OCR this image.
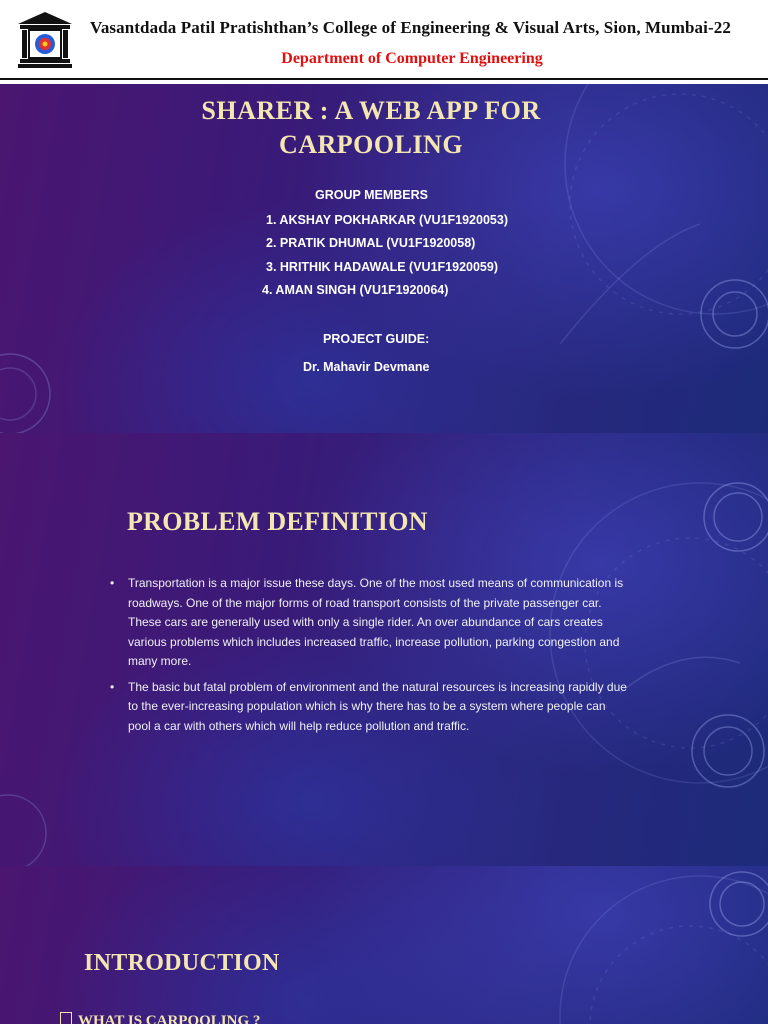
Vasantdada Patil Pratishthan’s College of Engineering & Visual Arts, Sion, Mumbai-22
Department of Computer Engineering
SHARER : A WEB APP FOR
CARPOOLING
GROUP MEMBERS
1. AKSHAY POKHARKAR (VU1F1920053)
2. PRATIK DHUMAL (VU1F1920058)
3. HRITHIK HADAWALE (VU1F1920059)
4. AMAN SINGH (VU1F1920064)
PROJECT GUIDE:
Dr. Mahavir Devmane
PROBLEM DEFINITION
• Transportation is a major issue these days. One of the most used means of communication is roadways. One of the major forms of road transport consists of the private passenger car. These cars are generally used with only a single rider. An over abundance of cars creates various problems which includes increased traffic, increase pollution, parking congestion and many more.
• The basic but fatal problem of environment and the natural resources is increasing rapidly due to the ever-increasing population which is why there has to be a system where people can pool a car with others which will help reduce pollution and traffic.
INTRODUCTION
WHAT IS CARPOOLING ?
